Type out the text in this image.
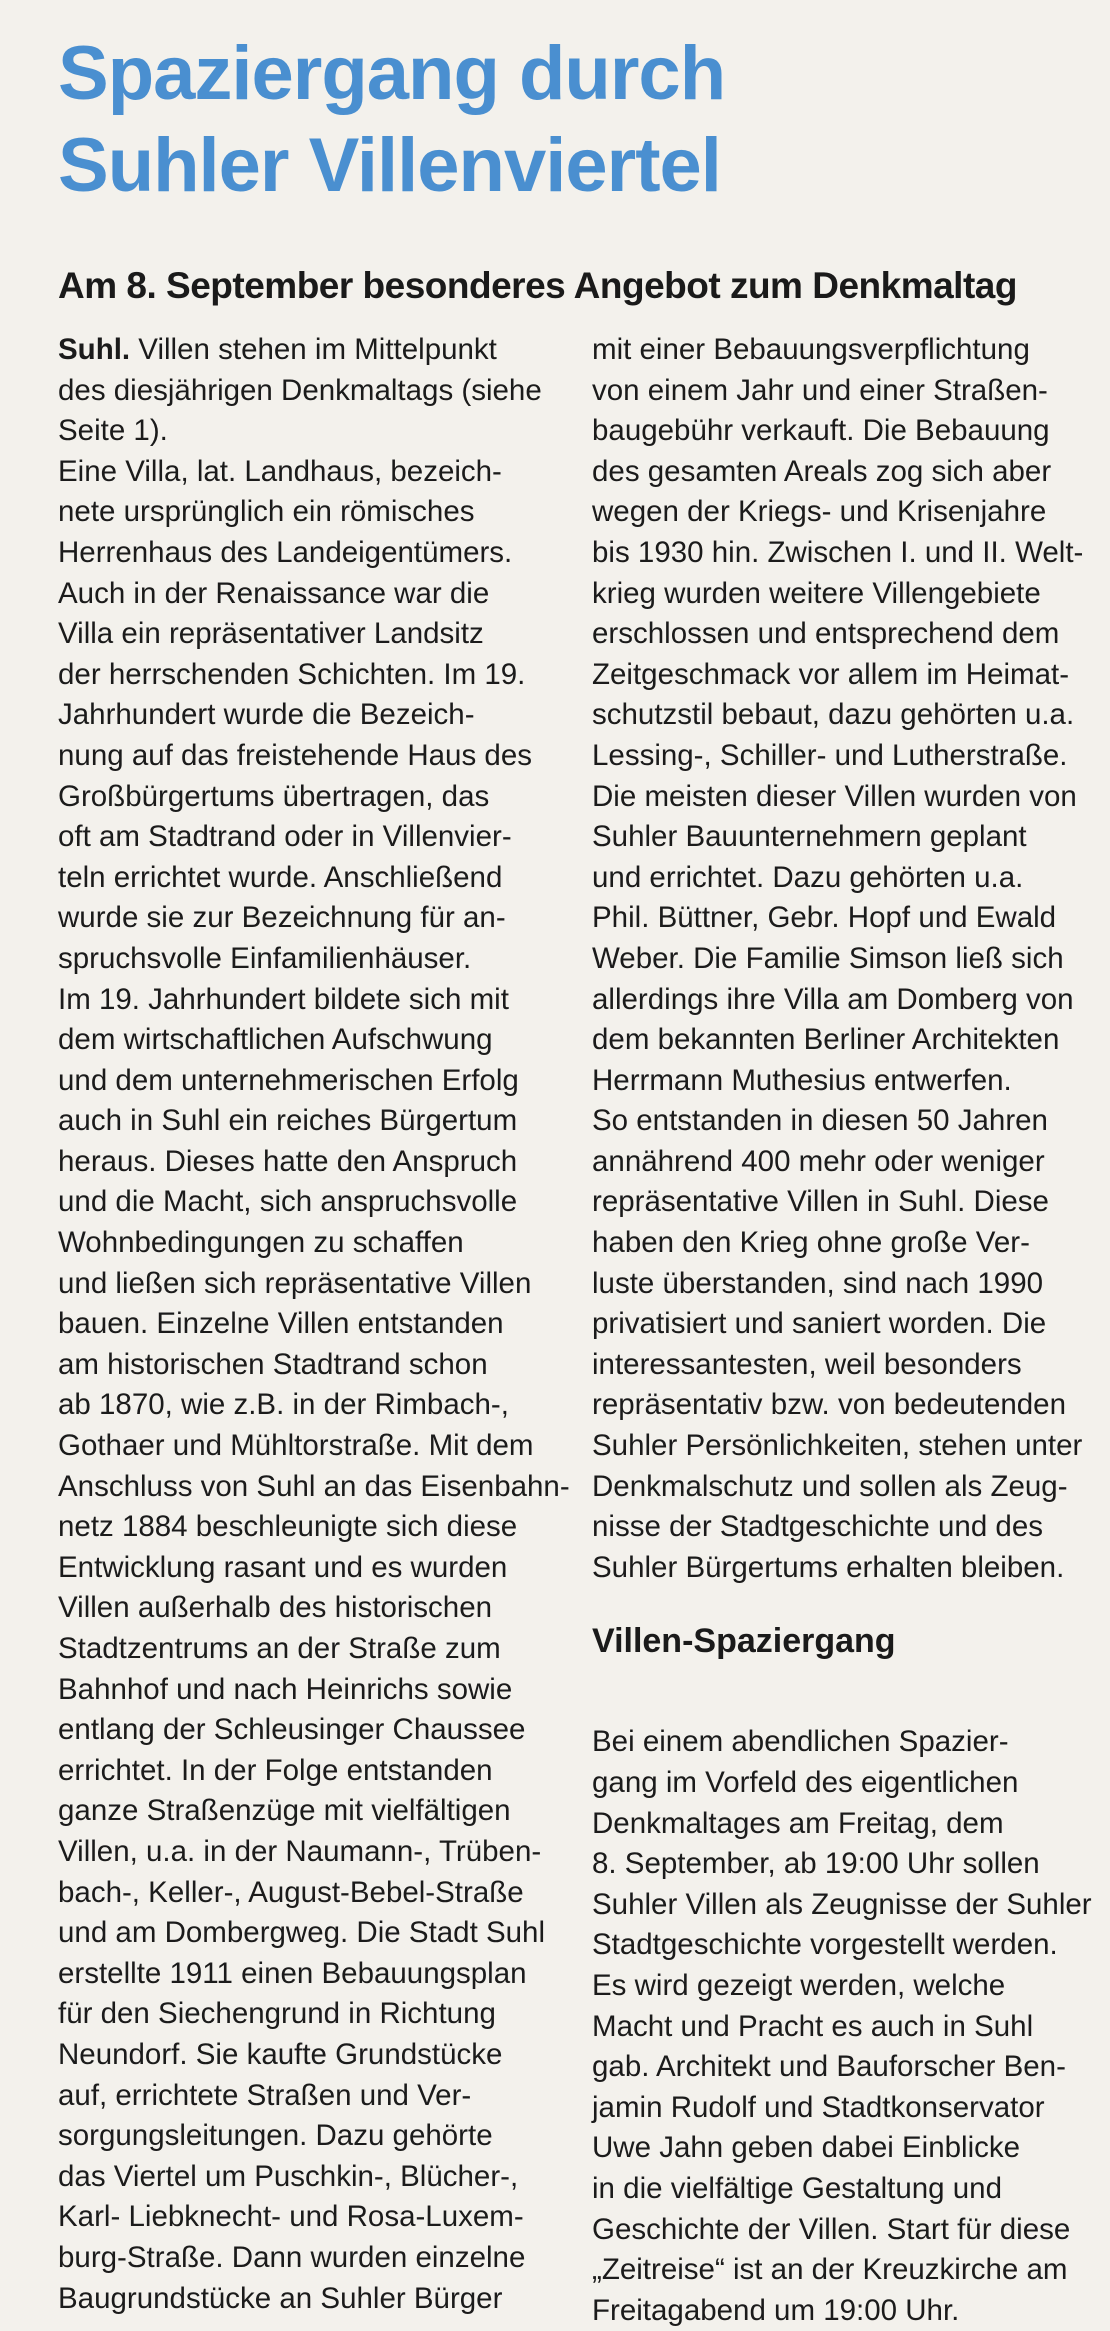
Spaziergang durch
Suhler Villenviertel
Am 8. September besonderes Angebot zum Denkmaltag
Suhl. Villen stehen im Mittelpunkt
des diesjährigen Denkmaltags (siehe
Seite 1).
Eine Villa, lat. Landhaus, bezeich-
nete ursprünglich ein römisches
Herrenhaus des Landeigentümers.
Auch in der Renaissance war die
Villa ein repräsentativer Landsitz
der herrschenden Schichten. Im 19.
Jahrhundert wurde die Bezeich-
nung auf das freistehende Haus des
Großbürgertums übertragen, das
oft am Stadtrand oder in Villenvier-
teln errichtet wurde. Anschließend
wurde sie zur Bezeichnung für an-
spruchsvolle Einfamilienhäuser.
Im 19. Jahrhundert bildete sich mit
dem wirtschaftlichen Aufschwung
und dem unternehmerischen Erfolg
auch in Suhl ein reiches Bürgertum
heraus. Dieses hatte den Anspruch
und die Macht, sich anspruchsvolle
Wohnbedingungen zu schaffen
und ließen sich repräsentative Villen
bauen. Einzelne Villen entstanden
am historischen Stadtrand schon
ab 1870, wie z.B. in der Rimbach-,
Gothaer und Mühltorstraße. Mit dem
Anschluss von Suhl an das Eisenbahn-
netz 1884 beschleunigte sich diese
Entwicklung rasant und es wurden
Villen außerhalb des historischen
Stadtzentrums an der Straße zum
Bahnhof und nach Heinrichs sowie
entlang der Schleusinger Chaussee
errichtet. In der Folge entstanden
ganze Straßenzüge mit vielfältigen
Villen, u.a. in der Naumann-, Trüben-
bach-, Keller-, August-Bebel-Straße
und am Dombergweg. Die Stadt Suhl
erstellte 1911 einen Bebauungsplan
für den Siechengrund in Richtung
Neundorf. Sie kaufte Grundstücke
auf, errichtete Straßen und Ver-
sorgungsleitungen. Dazu gehörte
das Viertel um Puschkin-, Blücher-,
Karl- Liebknecht- und Rosa-Luxem-
burg-Straße. Dann wurden einzelne
Baugrundstücke an Suhler Bürger
mit einer Bebauungsverpflichtung
von einem Jahr und einer Straßen-
baugebühr verkauft. Die Bebauung
des gesamten Areals zog sich aber
wegen der Kriegs- und Krisenjahre
bis 1930 hin. Zwischen I. und II. Welt-
krieg wurden weitere Villengebiete
erschlossen und entsprechend dem
Zeitgeschmack vor allem im Heimat-
schutzstil bebaut, dazu gehörten u.a.
Lessing-, Schiller- und Lutherstraße.
Die meisten dieser Villen wurden von
Suhler Bauunternehmern geplant
und errichtet. Dazu gehörten u.a.
Phil. Büttner, Gebr. Hopf und Ewald
Weber. Die Familie Simson ließ sich
allerdings ihre Villa am Domberg von
dem bekannten Berliner Architekten
Herrmann Muthesius entwerfen.
So entstanden in diesen 50 Jahren
annährend 400 mehr oder weniger
repräsentative Villen in Suhl. Diese
haben den Krieg ohne große Ver-
luste überstanden, sind nach 1990
privatisiert und saniert worden. Die
interessantesten, weil besonders
repräsentativ bzw. von bedeutenden
Suhler Persönlichkeiten, stehen unter
Denkmalschutz und sollen als Zeug-
nisse der Stadtgeschichte und des
Suhler Bürgertums erhalten bleiben.
Villen-Spaziergang
Bei einem abendlichen Spazier-
gang im Vorfeld des eigentlichen
Denkmaltages am Freitag, dem
8. September, ab 19:00 Uhr sollen
Suhler Villen als Zeugnisse der Suhler
Stadtgeschichte vorgestellt werden.
Es wird gezeigt werden, welche
Macht und Pracht es auch in Suhl
gab. Architekt und Bauforscher Ben-
jamin Rudolf und Stadtkonservator
Uwe Jahn geben dabei Einblicke
in die vielfältige Gestaltung und
Geschichte der Villen. Start für diese
„Zeitreise“ ist an der Kreuzkirche am
Freitagabend um 19:00 Uhr.
